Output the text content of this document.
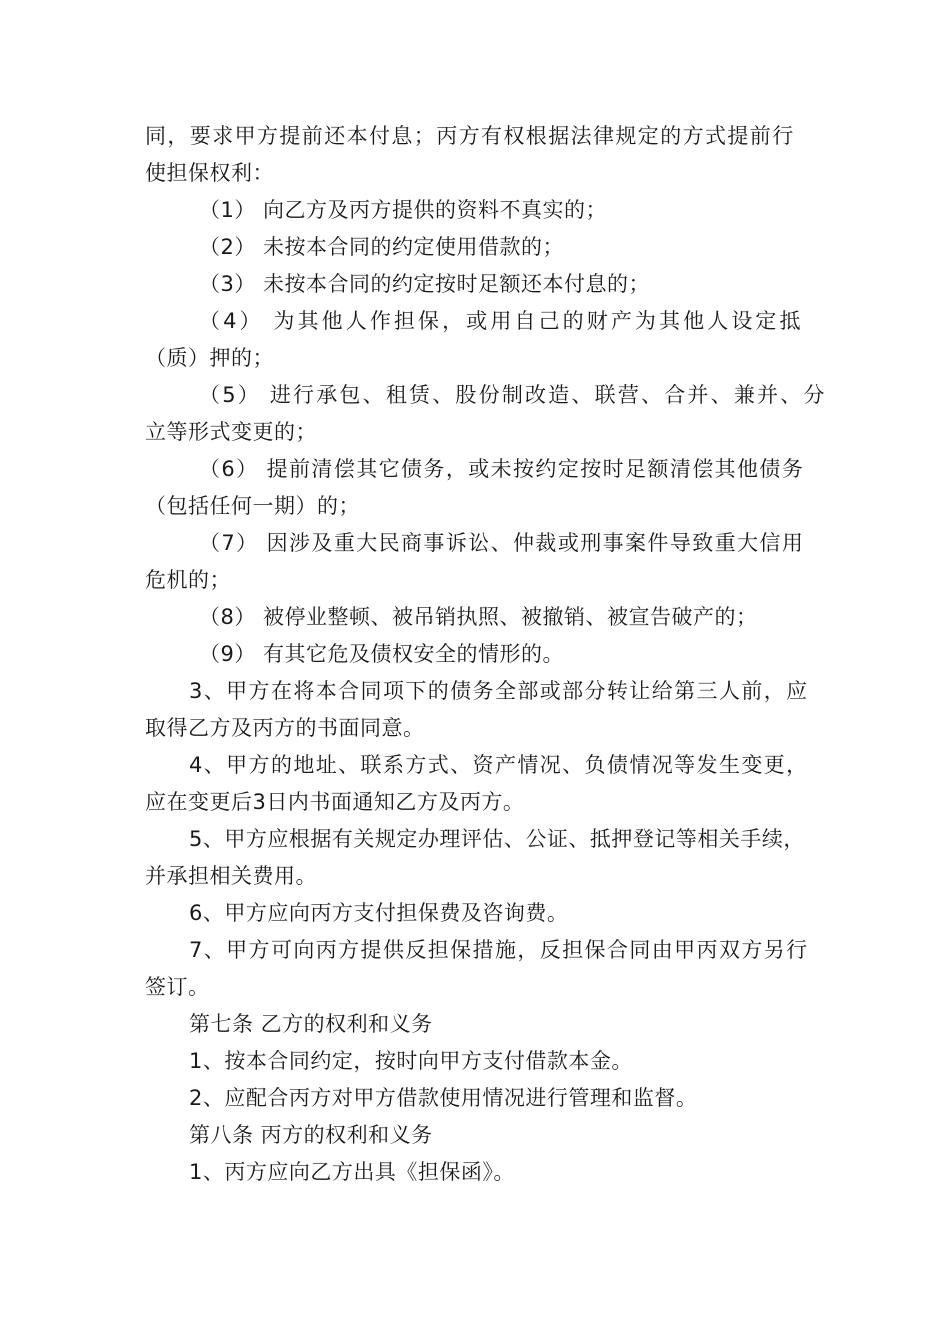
同，要求甲方提前还本付息；丙方有权根据法律规定的方式提前行
使担保权利：
（1） 向乙方及丙方提供的资料不真实的；
（2） 未按本合同的约定使用借款的；
（3） 未按本合同的约定按时足额还本付息的；
（4） 为其他人作担保，或用自己的财产为其他人设定抵
（质）押的；
（5） 进行承包、租赁、股份制改造、联营、合并、兼并、分
立等形式变更的；
（6） 提前清偿其它债务，或未按约定按时足额清偿其他债务
（包括任何一期）的；
（7） 因涉及重大民商事诉讼、仲裁或刑事案件导致重大信用
危机的；
（8） 被停业整顿、被吊销执照、被撤销、被宣告破产的；
（9） 有其它危及债权安全的情形的。
3、甲方在将本合同项下的债务全部或部分转让给第三人前，应
取得乙方及丙方的书面同意。
4、甲方的地址、联系方式、资产情况、负债情况等发生变更，
应在变更后3日内书面通知乙方及丙方。
5、甲方应根据有关规定办理评估、公证、抵押登记等相关手续，
并承担相关费用。
6、甲方应向丙方支付担保费及咨询费。
7、甲方可向丙方提供反担保措施，反担保合同由甲丙双方另行
签订。
第七条 乙方的权利和义务
1、按本合同约定，按时向甲方支付借款本金。
2、应配合丙方对甲方借款使用情况进行管理和监督。
第八条 丙方的权利和义务
1、丙方应向乙方出具《担保函》。
